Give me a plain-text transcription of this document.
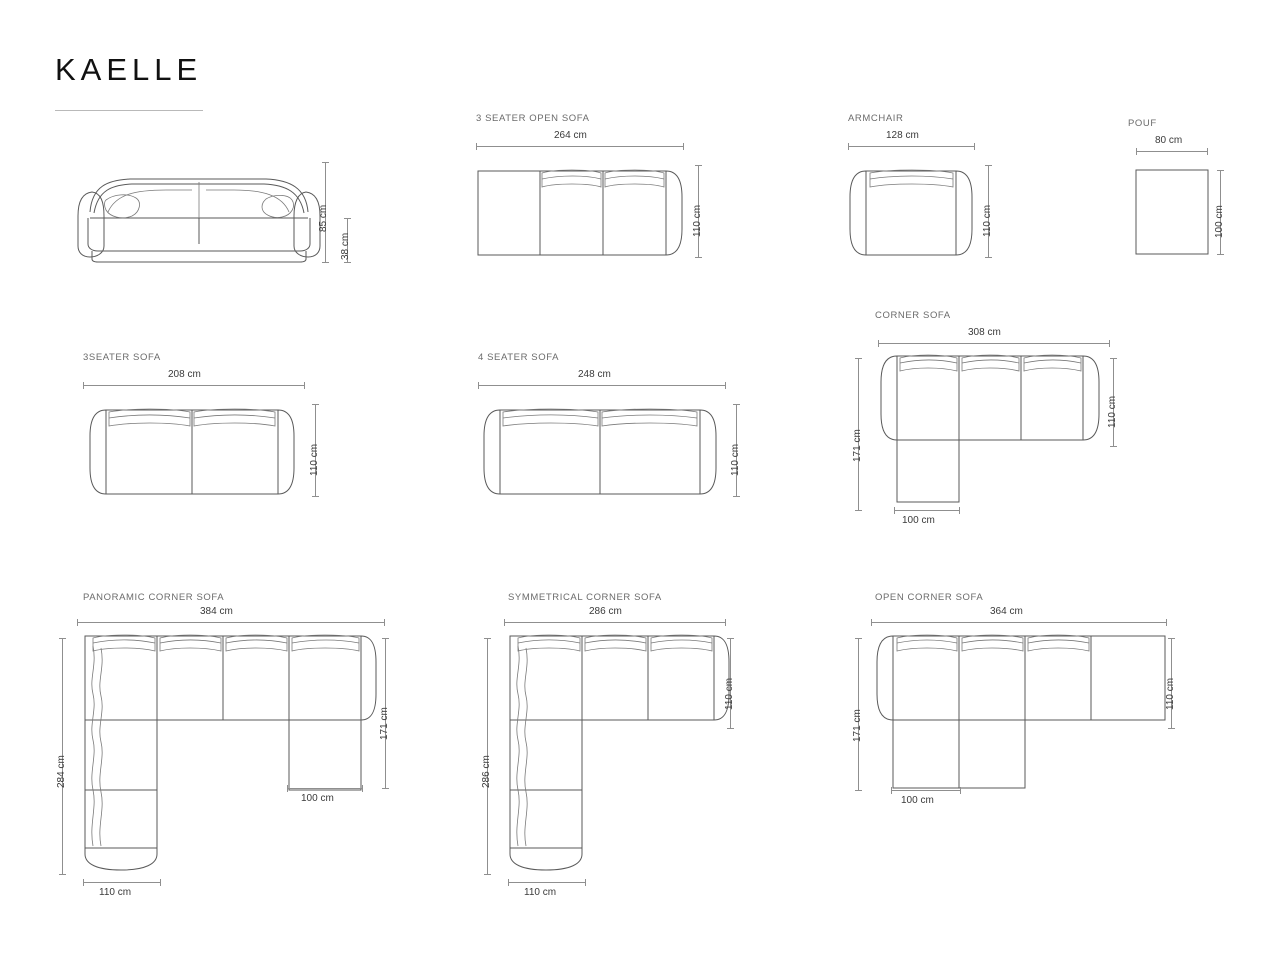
KAELLE
85 cm
38 cm
3 SEATER OPEN SOFA
264 cm
110 cm
ARMCHAIR
128 cm
110 cm
POUF
80 cm
100 cm
3SEATER SOFA
208 cm
110 cm
4 SEATER SOFA
248 cm
110 cm
CORNER SOFA
308 cm
110 cm
171 cm
100 cm
PANORAMIC CORNER SOFA
384 cm
171 cm
284 cm
100 cm
110 cm
SYMMETRICAL CORNER SOFA
286 cm
110 cm
286 cm
110 cm
OPEN CORNER SOFA
364 cm
110 cm
171 cm
100 cm
